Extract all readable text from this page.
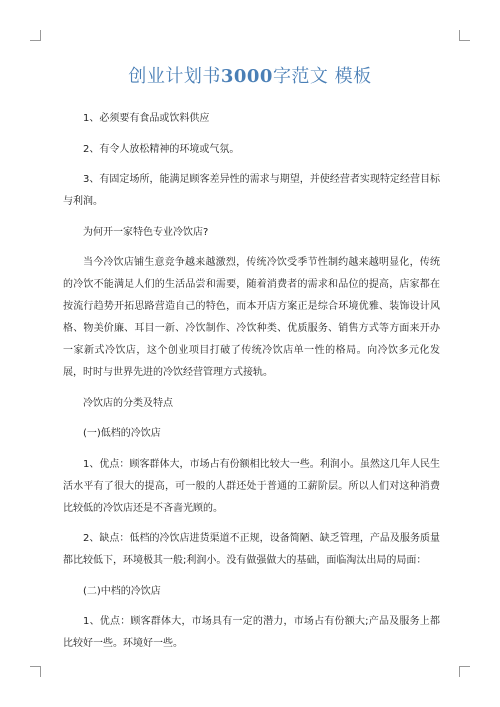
创业计划书3000字范文 模板

1、必须要有食品或饮料供应

2、有令人放松精神的环境或气氛。

3、有固定场所，能满足顾客差异性的需求与期望，并使经营者实现特定经营目标与利润。

为何开一家特色专业冷饮店?

当今冷饮店铺生意竞争越来越激烈，传统冷饮受季节性制约越来越明显化，传统的冷饮不能满足人们的生活品尝和需要，随着消费者的需求和品位的提高，店家都在按流行趋势开拓思路营造自己的特色，而本开店方案正是综合环境优雅、装饰设计风格、物美价廉、耳目一新、冷饮制作、冷饮种类、优质服务、销售方式等方面来开办一家新式冷饮店，这个创业项目打破了传统冷饮店单一性的格局。向冷饮多元化发展，时时与世界先进的冷饮经营管理方式接轨。

冷饮店的分类及特点

(一)低档的冷饮店

1、优点：顾客群体大，市场占有份额相比较大一些。利润小。虽然这几年人民生活水平有了很大的提高，可一般的人群还处于普通的工薪阶层。所以人们对这种消费比较低的冷饮店还是不吝啬光顾的。

2、缺点：低档的冷饮店进货渠道不正规，设备简陋、缺乏管理，产品及服务质量都比较低下，环境极其一般;利润小。没有做强做大的基础，面临淘汰出局的局面：

(二)中档的冷饮店

1、优点：顾客群体大，市场具有一定的潜力，市场占有份额大;产品及服务上都比较好一些。环境好一些。
